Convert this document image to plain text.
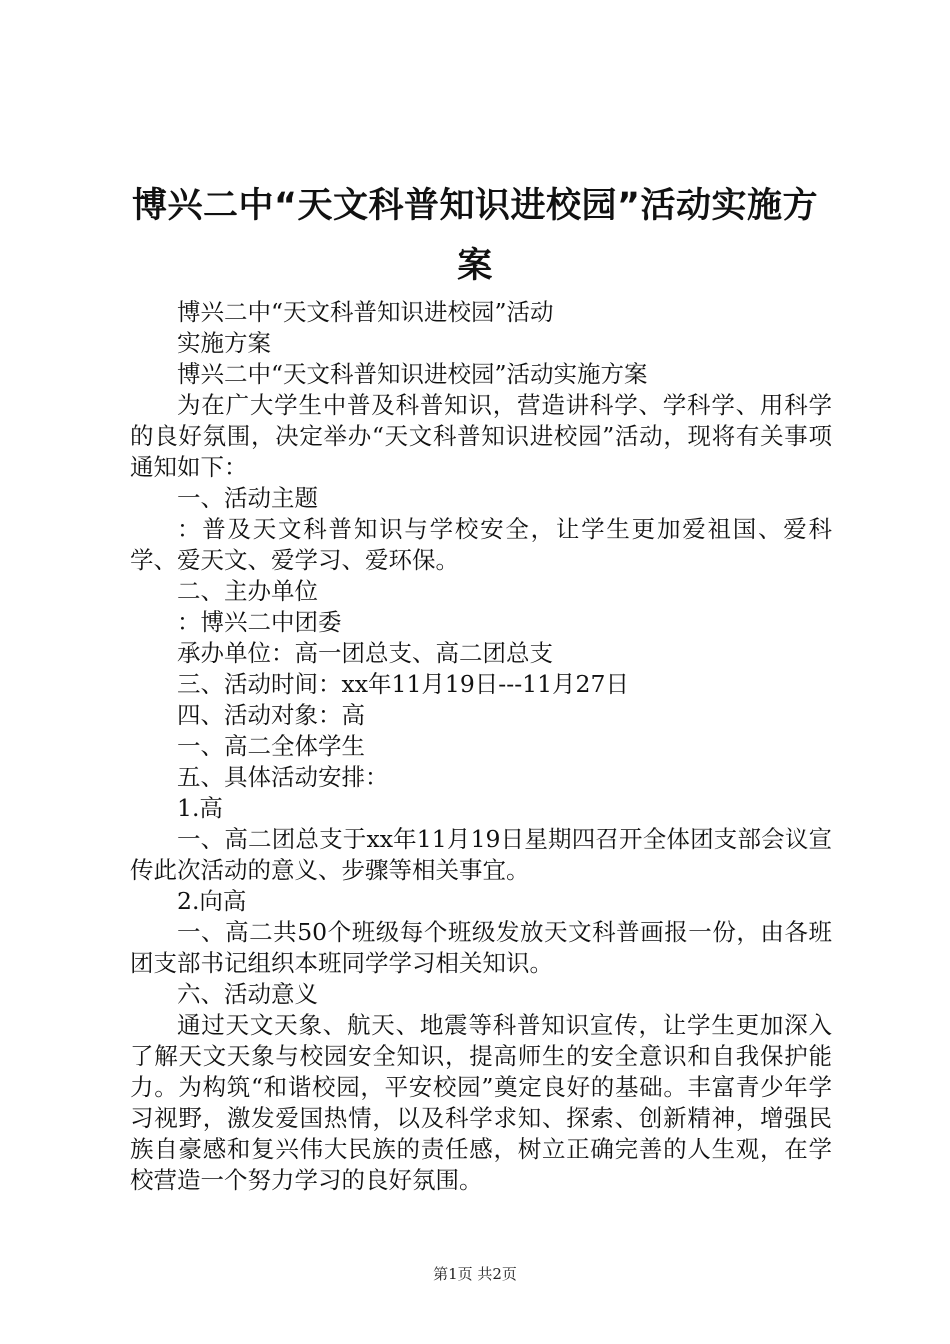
博兴二中“天文科普知识进校园”活动实施方案

博兴二中“天文科普知识进校园”活动

实施方案

博兴二中“天文科普知识进校园”活动实施方案

为在广大学生中普及科普知识，营造讲科学、学科学、用科学的良好氛围，决定举办“天文科普知识进校园”活动，现将有关事项通知如下：

一、活动主题

：普及天文科普知识与学校安全，让学生更加爱祖国、爱科学、爱天文、爱学习、爱环保。

二、主办单位

：博兴二中团委

承办单位：高一团总支、高二团总支

三、活动时间：xx年11月19日---11月27日

四、活动对象：高

一、高二全体学生

五、具体活动安排：

1.高

一、高二团总支于xx年11月19日星期四召开全体团支部会议宣传此次活动的意义、步骤等相关事宜。

2.向高

一、高二共50个班级每个班级发放天文科普画报一份，由各班团支部书记组织本班同学学习相关知识。

六、活动意义

通过天文天象、航天、地震等科普知识宣传，让学生更加深入了解天文天象与校园安全知识，提高师生的安全意识和自我保护能力。为构筑“和谐校园，平安校园”奠定良好的基础。丰富青少年学习视野，激发爱国热情，以及科学求知、探索、创新精神，增强民族自豪感和复兴伟大民族的责任感，树立正确完善的人生观，在学校营造一个努力学习的良好氛围。

第1页 共2页
